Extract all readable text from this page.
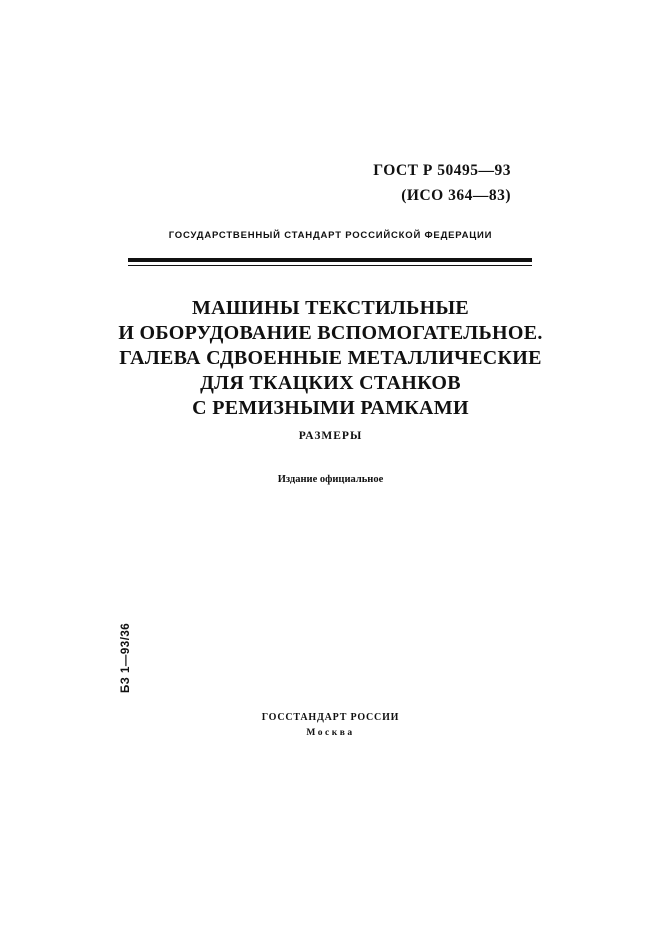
ГОСТ Р 50495—93
(ИСО 364—83)
ГОСУДАРСТВЕННЫЙ СТАНДАРТ РОССИЙСКОЙ ФЕДЕРАЦИИ
МАШИНЫ ТЕКСТИЛЬНЫЕ
И ОБОРУДОВАНИЕ ВСПОМОГАТЕЛЬНОЕ.
ГАЛЕВА СДВОЕННЫЕ МЕТАЛЛИЧЕСКИЕ
ДЛЯ ТКАЦКИХ СТАНКОВ
С РЕМИЗНЫМИ РАМКАМИ
РАЗМЕРЫ
Издание официальное
БЗ 1—93/36
ГОССТАНДАРТ РОССИИ
Москва
